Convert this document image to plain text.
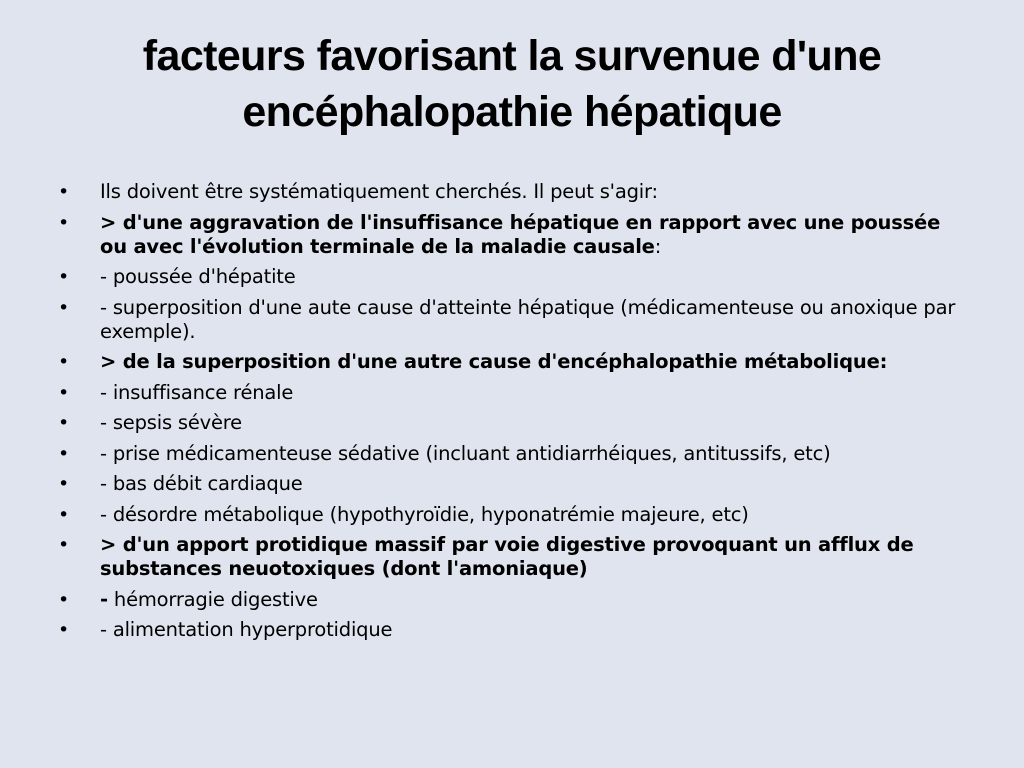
facteurs favorisant la survenue d'une
encéphalopathie hépatique
• Ils doivent être systématiquement cherchés. Il peut s'agir:
• > d'une aggravation de l'insuffisance hépatique en rapport avec une poussée ou avec l'évolution terminale de la maladie causale:
• - poussée d'hépatite
• - superposition d'une aute cause d'atteinte hépatique (médicamenteuse ou anoxique par exemple).
• > de la superposition d'une autre cause d'encéphalopathie métabolique:
• - insuffisance rénale
• - sepsis sévère
• - prise médicamenteuse sédative (incluant antidiarrhéiques, antitussifs, etc)
• - bas débit cardiaque
• - désordre métabolique (hypothyroïdie, hyponatrémie majeure, etc)
• > d'un apport protidique massif par voie digestive provoquant un afflux de substances neuotoxiques (dont l'amoniaque)
• - hémorragie digestive
• - alimentation hyperprotidique
